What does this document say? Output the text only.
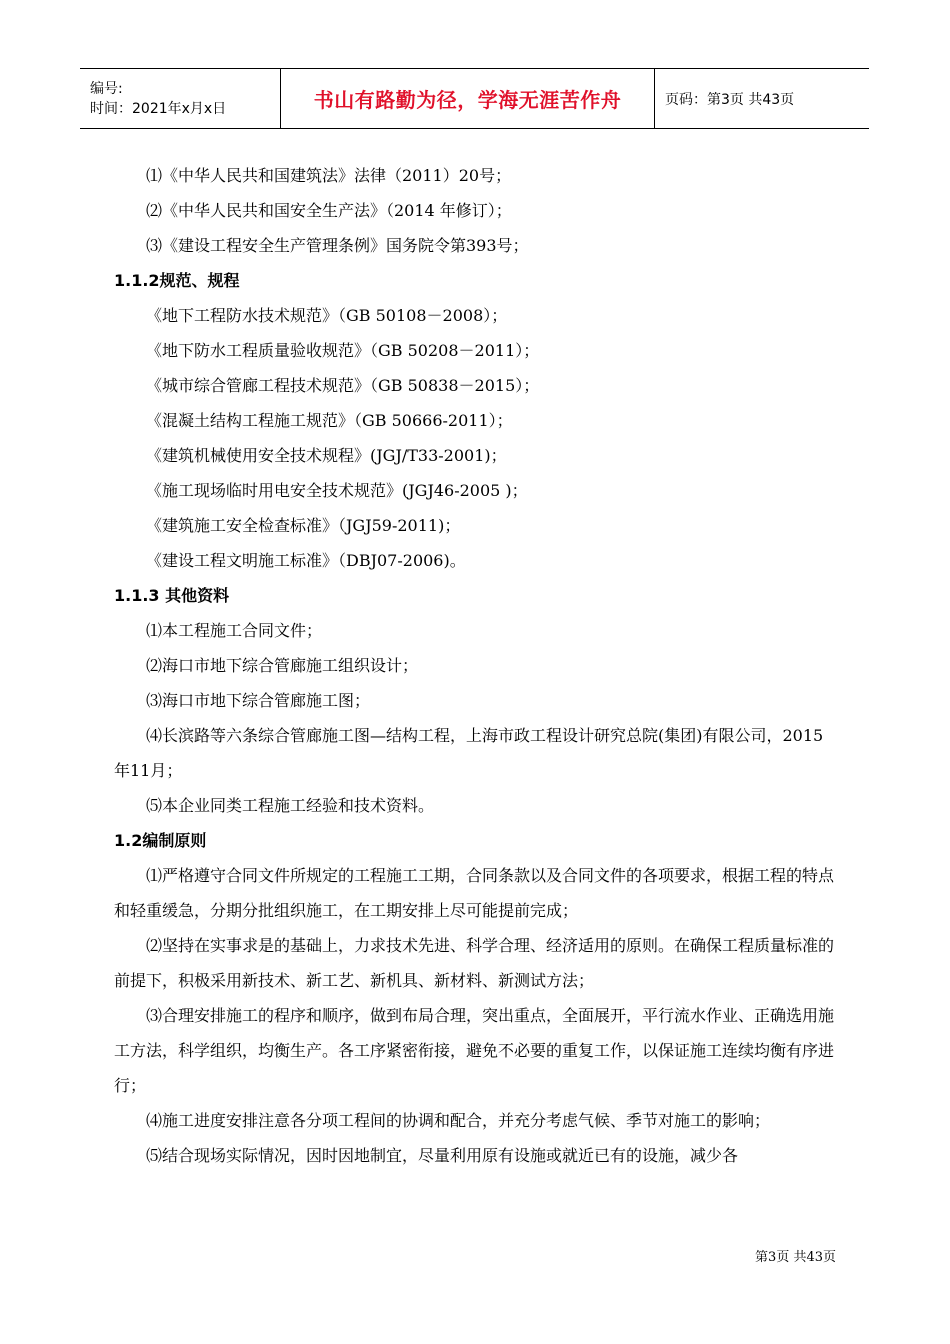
编号:
时间：2021年x月x日	书山有路勤为径，学海无涯苦作舟	页码：第3页 共43页

⑴《中华人民共和国建筑法》法律（2011）20号；

⑵《中华人民共和国安全生产法》（2014 年修订）；

⑶《建设工程安全生产管理条例》国务院令第393号；

1.1.2规范、规程

《地下工程防水技术规范》（GB 50108－2008）；

《地下防水工程质量验收规范》（GB 50208－2011）；

《城市综合管廊工程技术规范》（GB 50838－2015）；

《混凝土结构工程施工规范》（GB 50666-2011）；

《建筑机械使用安全技术规程》(JGJ/T33-2001)；

《施工现场临时用电安全技术规范》(JGJ46-2005 )；

《建筑施工安全检查标准》（JGJ59-2011)；

《建设工程文明施工标准》（DBJ07-2006)。

1.1.3 其他资料

⑴本工程施工合同文件；

⑵海口市地下综合管廊施工组织设计；

⑶海口市地下综合管廊施工图；

⑷长滨路等六条综合管廊施工图—结构工程，上海市政工程设计研究总院(集团)有限公司，2015年11月；

⑸本企业同类工程施工经验和技术资料。

1.2编制原则

⑴严格遵守合同文件所规定的工程施工工期，合同条款以及合同文件的各项要求，根据工程的特点和轻重缓急，分期分批组织施工，在工期安排上尽可能提前完成；

⑵坚持在实事求是的基础上，力求技术先进、科学合理、经济适用的原则。在确保工程质量标准的前提下，积极采用新技术、新工艺、新机具、新材料、新测试方法；

⑶合理安排施工的程序和顺序，做到布局合理，突出重点，全面展开，平行流水作业、正确选用施工方法，科学组织，均衡生产。各工序紧密衔接，避免不必要的重复工作，以保证施工连续均衡有序进行；

⑷施工进度安排注意各分项工程间的协调和配合，并充分考虑气候、季节对施工的影响；

⑸结合现场实际情况，因时因地制宜，尽量利用原有设施或就近已有的设施，减少各

第3页 共43页
